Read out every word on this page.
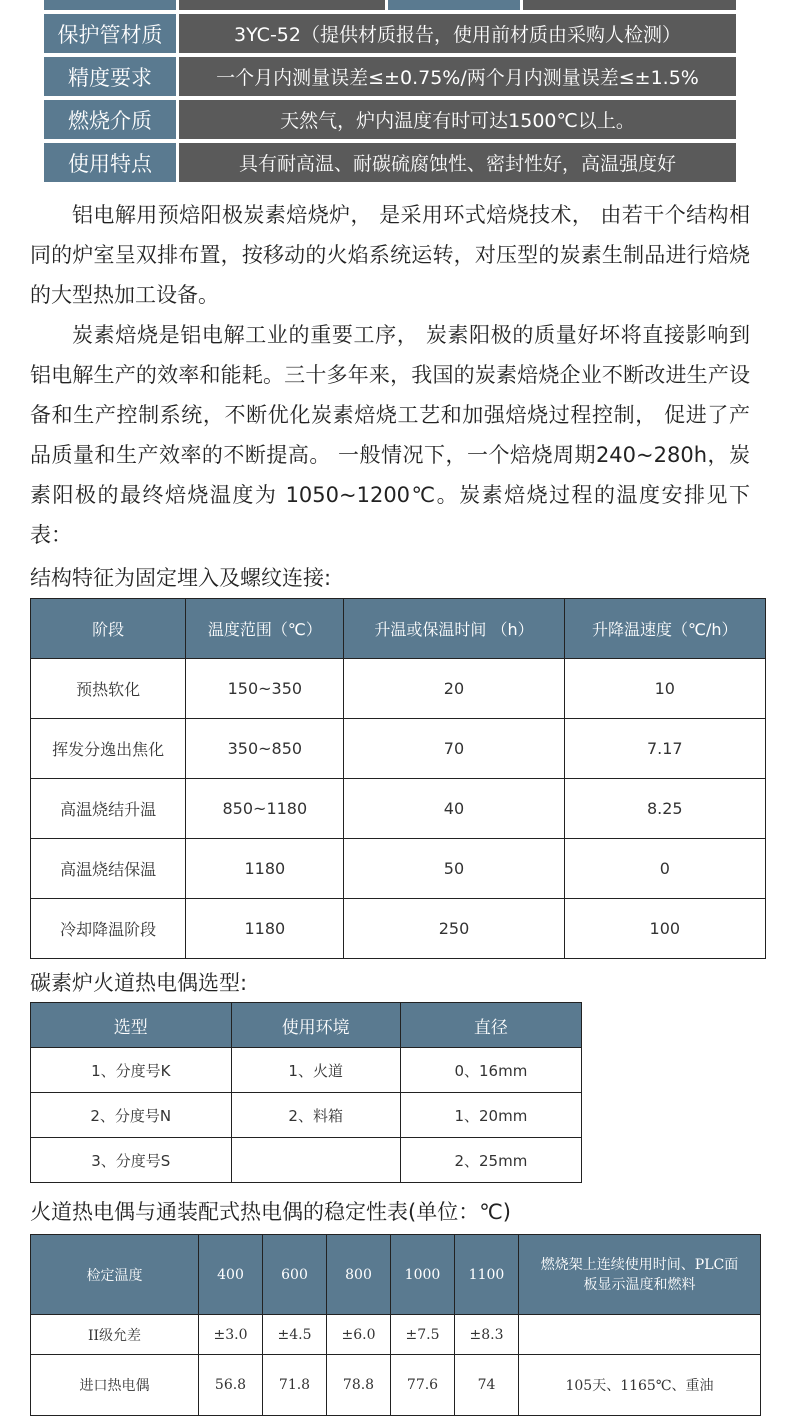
保护管材质	3YC-52（提供材质报告，使用前材质由采购人检测）
精度要求	一个月内测量误差≤±0.75%/两个月内测量误差≤±1.5%
燃烧介质	天然气，炉内温度有时可达1500℃以上。
使用特点	具有耐高温、耐碳硫腐蚀性、密封性好，高温强度好

铝电解用预焙阳极炭素焙烧炉， 是采用环式焙烧技术， 由若干个结构相同的炉室呈双排布置，按移动的火焰系统运转，对压型的炭素生制品进行焙烧的大型热加工设备。

炭素焙烧是铝电解工业的重要工序， 炭素阳极的质量好坏将直接影响到铝电解生产的效率和能耗。三十多年来，我国的炭素焙烧企业不断改进生产设备和生产控制系统，不断优化炭素焙烧工艺和加强焙烧过程控制， 促进了产品质量和生产效率的不断提高。 一般情况下，一个焙烧周期240~280h，炭素阳极的最终焙烧温度为 1050~1200℃。炭素焙烧过程的温度安排见下表：

结构特征为固定埋入及螺纹连接:

阶段	温度范围（℃）	升温或保温时间 （h）	升降温速度（℃/h）
预热软化	150~350	20	10
挥发分逸出焦化	350~850	70	7.17
高温烧结升温	850~1180	40	8.25
高温烧结保温	1180	50	0
冷却降温阶段	1180	250	100

碳素炉火道热电偶选型:

选型	使用环境	直径
1、分度号K	1、火道	0、16mm
2、分度号N	2、料箱	1、20mm
3、分度号S		2、25mm

火道热电偶与通装配式热电偶的稳定性表(单位：℃)

检定温度	400	600	800	1000	1100	燃烧架上连续使用时间、PLC面板显示温度和燃料
II级允差	±3.0	±4.5	±6.0	±7.5	±8.3	
进口热电偶	56.8	71.8	78.8	77.6	74	105天、1165℃、重油
